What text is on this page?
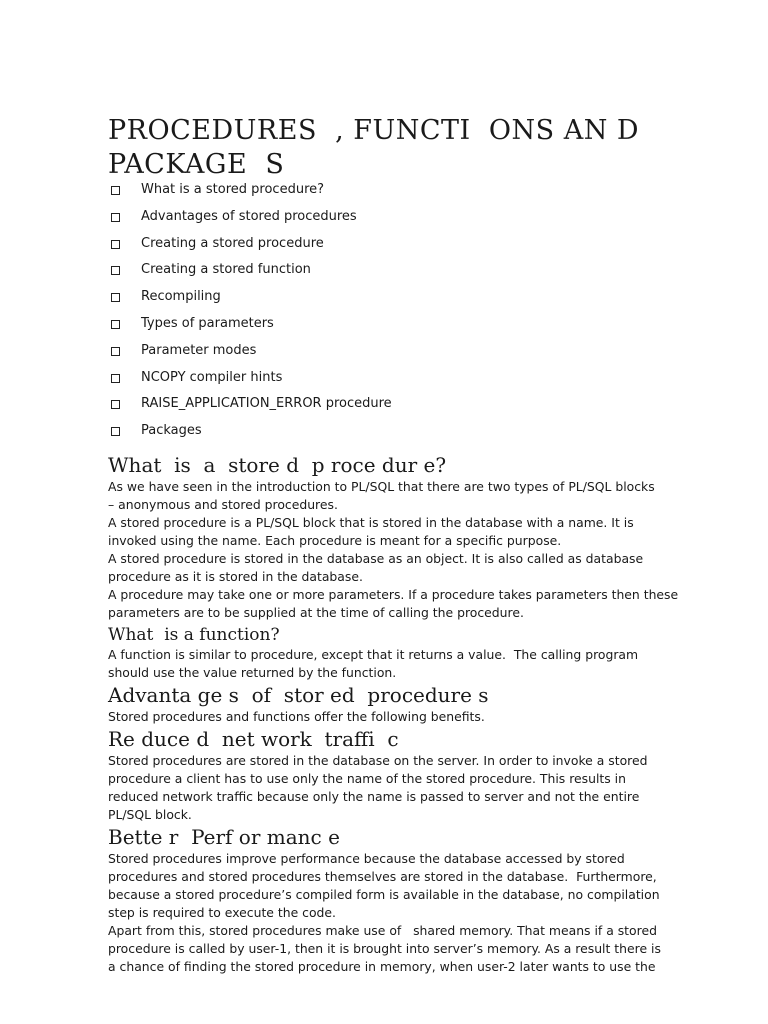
PROCEDURES  , FUNCTI  ONS AN D
PACKAGE  S
What is a stored procedure?
Advantages of stored procedures
Creating a stored procedure
Creating a stored function
Recompiling
Types of parameters
Parameter modes
NCOPY compiler hints
RAISE_APPLICATION_ERROR procedure
Packages
What  is  a  store d  p roce dur e?

As we have seen in the introduction to PL/SQL that there are two types of PL/SQL blocks
– anonymous and stored procedures.

A stored procedure is a PL/SQL block that is stored in the database with a name. It is
invoked using the name. Each procedure is meant for a specific purpose.

A stored procedure is stored in the database as an object. It is also called as database
procedure as it is stored in the database.

A procedure may take one or more parameters. If a procedure takes parameters then these
parameters are to be supplied at the time of calling the procedure.

What  is a function?

A function is similar to procedure, except that it returns a value.  The calling program
should use the value returned by the function.

Advanta ge s  of  stor ed  procedure s

Stored procedures and functions offer the following benefits.

Re duce d  net work  traffi  c

Stored procedures are stored in the database on the server. In order to invoke a stored
procedure a client has to use only the name of the stored procedure. This results in
reduced network traffic because only the name is passed to server and not the entire
PL/SQL block.

Bette r  Perf or manc e

Stored procedures improve performance because the database accessed by stored
procedures and stored procedures themselves are stored in the database.  Furthermore,
because a stored procedure’s compiled form is available in the database, no compilation
step is required to execute the code.

Apart from this, stored procedures make use of   shared memory. That means if a stored
procedure is called by user-1, then it is brought into server’s memory. As a result there is
a chance of finding the stored procedure in memory, when user-2 later wants to use the
